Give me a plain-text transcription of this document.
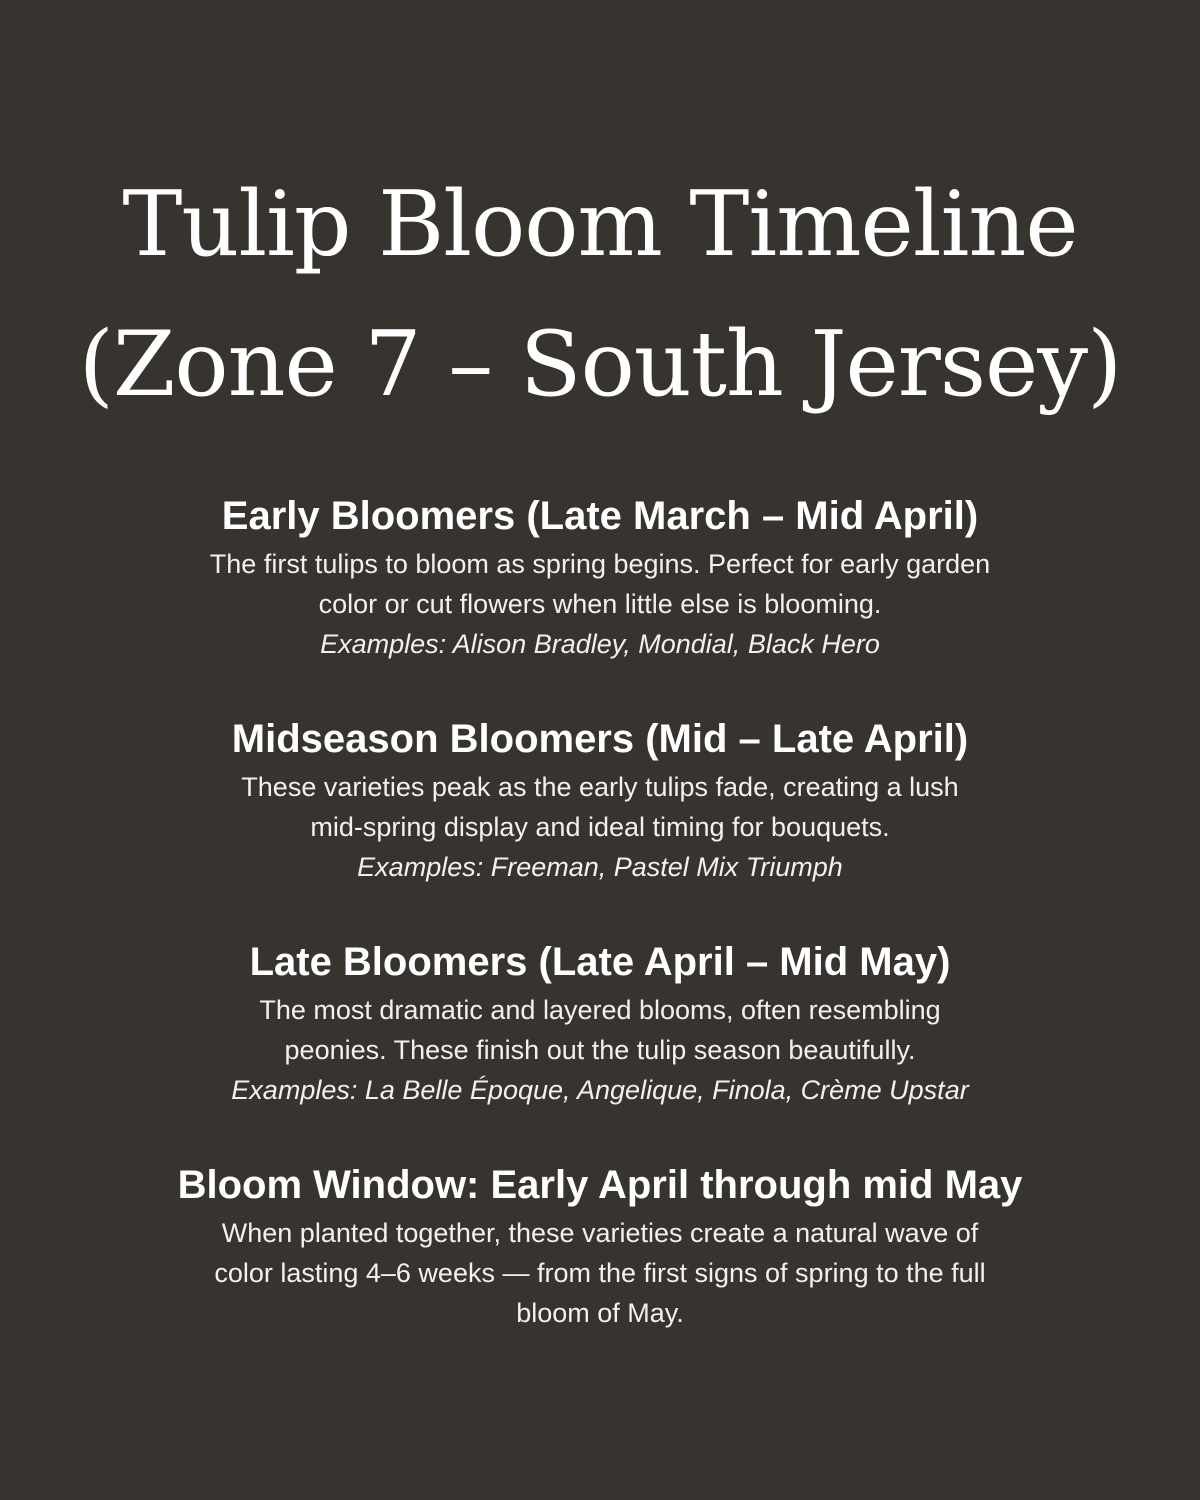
Tulip Bloom Timeline
(Zone 7 – South Jersey)
Early Bloomers (Late March – Mid April)

The first tulips to bloom as spring begins. Perfect for early garden

color or cut flowers when little else is blooming.

Examples: Alison Bradley, Mondial, Black Hero

Midseason Bloomers (Mid – Late April)

These varieties peak as the early tulips fade, creating a lush

mid-spring display and ideal timing for bouquets.

Examples: Freeman, Pastel Mix Triumph

Late Bloomers (Late April – Mid May)

The most dramatic and layered blooms, often resembling

peonies. These finish out the tulip season beautifully.

Examples: La Belle Époque, Angelique, Finola, Crème Upstar

Bloom Window: Early April through mid May

When planted together, these varieties create a natural wave of

color lasting 4–6 weeks — from the first signs of spring to the full

bloom of May.
